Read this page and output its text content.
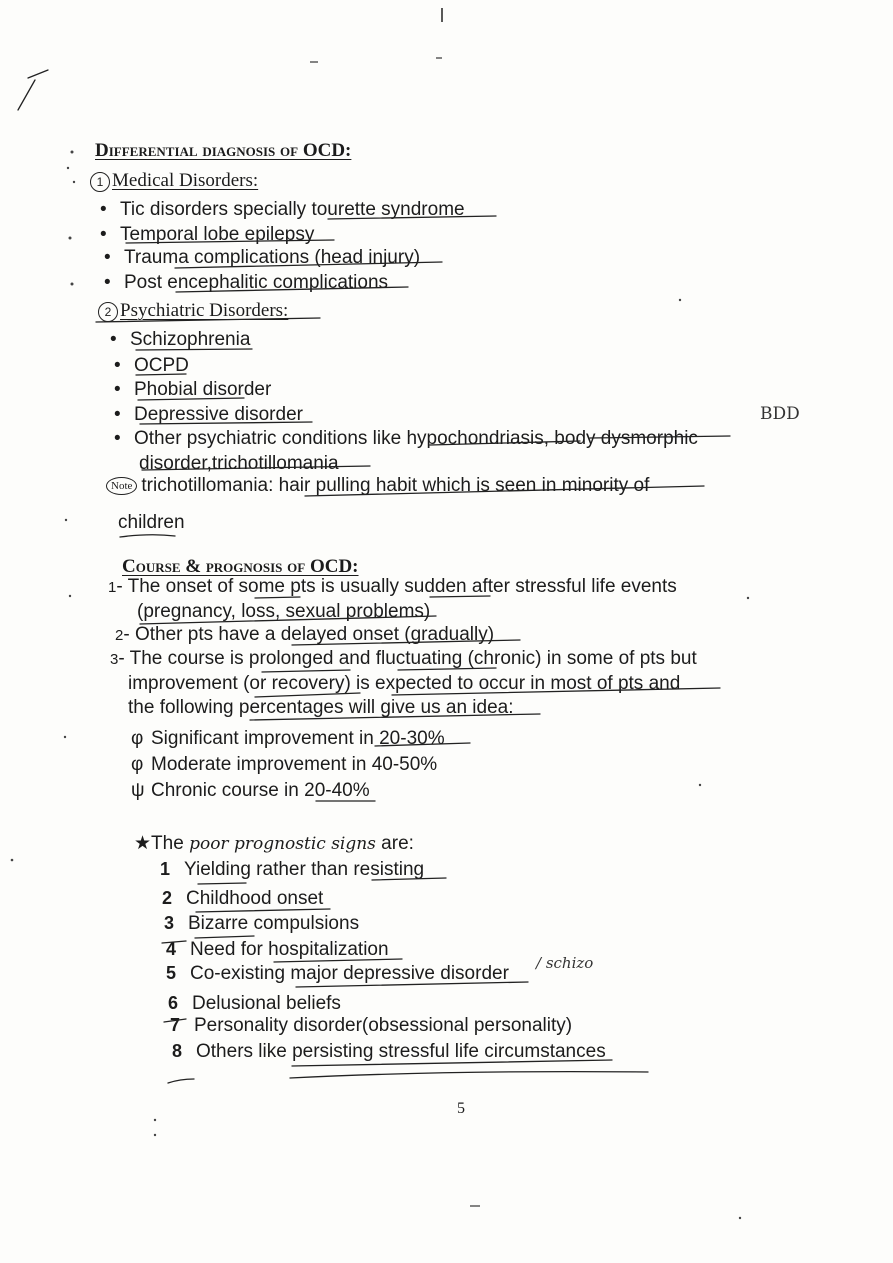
Differential diagnosis of OCD:
1 Medical Disorders:
• Tic disorders specially tourette syndrome
• Temporal lobe epilepsy
• Trauma complications (head injury)
• Post encephalitic complications
2 Psychiatric Disorders:
• Schizophrenia
• OCPD
• Phobial disorder
• Depressive disorder
• Other psychiatric conditions like hypochondriasis, body dysmorphic
disorder,trichotillomania
BDD
Note trichotillomania: hair pulling habit which is seen in minority of
children
Course & prognosis of OCD:
1- The onset of some pts is usually sudden after stressful life events
(pregnancy, loss, sexual problems)
2- Other pts have a delayed onset (gradually)
3- The course is prolonged and fluctuating (chronic) in some of pts but
improvement (or recovery) is expected to occur in most of pts and
the following percentages will give us an idea:
φ Significant improvement in 20-30%
φ Moderate improvement in 40-50%
ψ Chronic course in 20-40%
★The poor prognostic signs are:
1 Yielding rather than resisting
2 Childhood onset
3 Bizarre compulsions
4 Need for hospitalization
5 Co-existing major depressive disorder / schizo
6 Delusional beliefs
7 Personality disorder(obsessional personality)
8 Others like persisting stressful life circumstances
5
